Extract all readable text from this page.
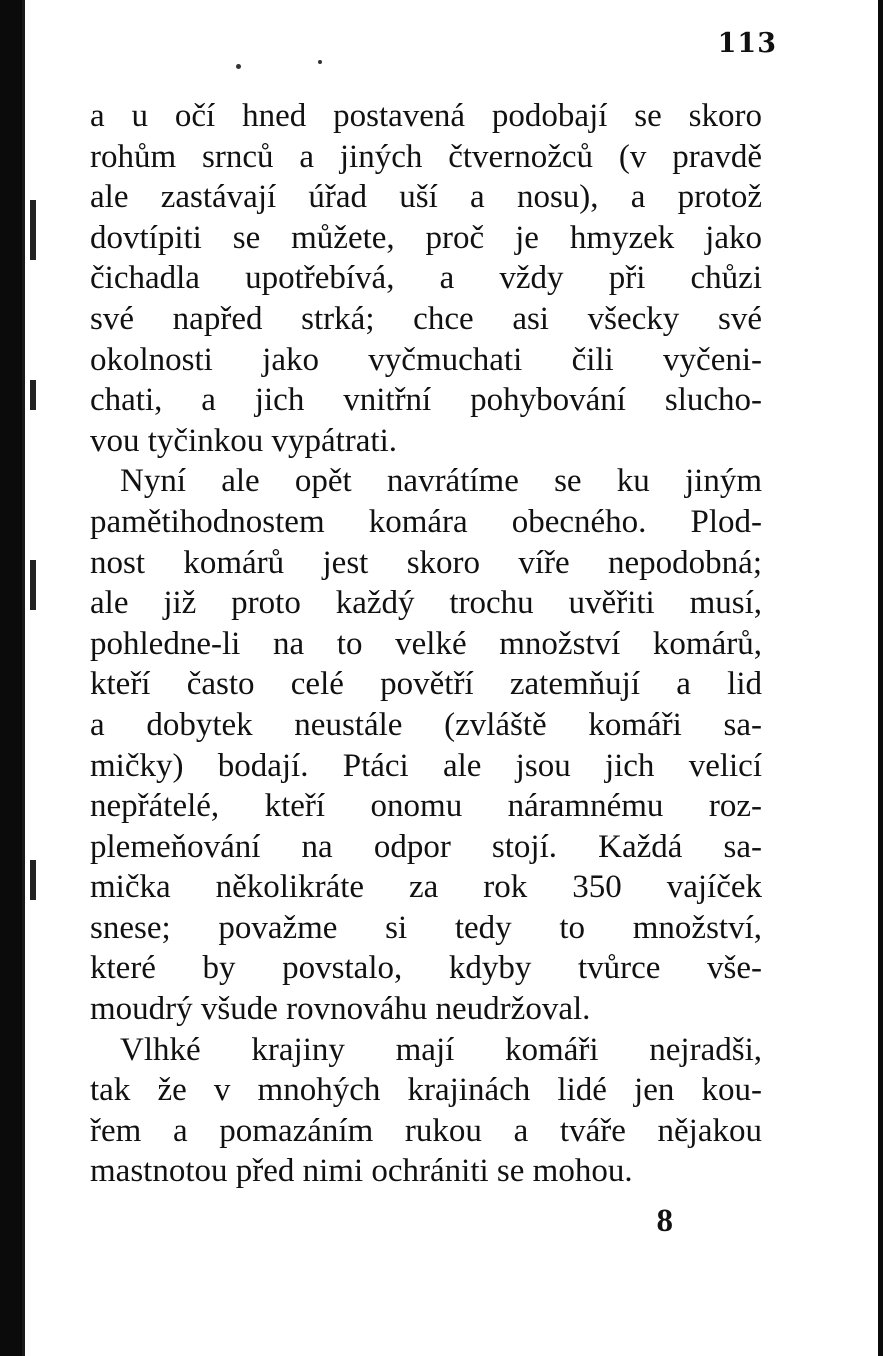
113
a u očí hned postavená podobají se skoro
rohům srnců a jiných čtvernožců (v pravdě
ale zastávají úřad uší a nosu), a protož
dovtípiti se můžete, proč je hmyzek jako
čichadla upotřebívá, a vždy při chůzi
své napřed strká; chce asi všecky své
okolnosti jako vyčmuchati čili vyčeni-
chati, a jich vnitřní pohybování slucho-
vou tyčinkou vypátrati.
Nyní ale opět navrátíme se ku jiným
pamětihodnostem komára obecného. Plod-
nost komárů jest skoro víře nepodobná;
ale již proto každý trochu uvěřiti musí,
pohledne-li na to velké množství komárů,
kteří často celé povětří zatemňují a lid
a dobytek neustále (zvláště komáři sa-
mičky) bodají. Ptáci ale jsou jich velicí
nepřátelé, kteří onomu náramnému roz-
plemeňování na odpor stojí. Každá sa-
mička několikráte za rok 350 vajíček
snese; považme si tedy to množství,
které by povstalo, kdyby tvůrce vše-
moudrý všude rovnováhu neudržoval.
Vlhké krajiny mají komáři nejradši,
tak že v mnohých krajinách lidé jen kou-
řem a pomazáním rukou a tváře nějakou
mastnotou před nimi ochrániti se mohou.
8
